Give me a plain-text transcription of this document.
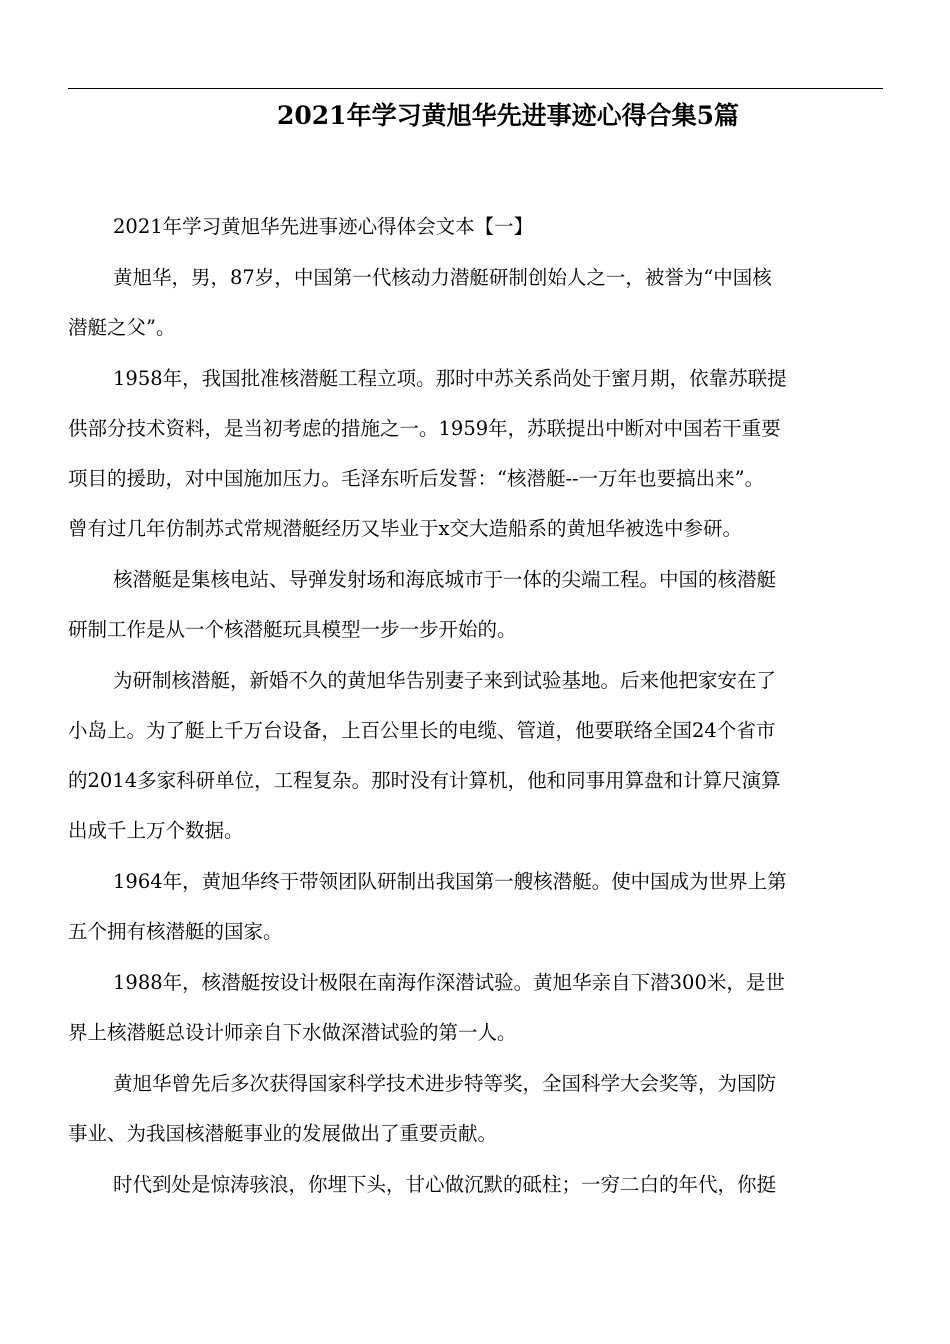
2021年学习黄旭华先进事迹心得合集5篇

2021年学习黄旭华先进事迹心得体会文本【一】

黄旭华，男，87岁，中国第一代核动力潜艇研制创始人之一，被誉为“中国核
潜艇之父”。

1958年，我国批准核潜艇工程立项。那时中苏关系尚处于蜜月期，依靠苏联提
供部分技术资料，是当初考虑的措施之一。1959年，苏联提出中断对中国若干重要
项目的援助，对中国施加压力。毛泽东听后发誓：“核潜艇--一万年也要搞出来”。
曾有过几年仿制苏式常规潜艇经历又毕业于x交大造船系的黄旭华被选中参研。

核潜艇是集核电站、导弹发射场和海底城市于一体的尖端工程。中国的核潜艇
研制工作是从一个核潜艇玩具模型一步一步开始的。

为研制核潜艇，新婚不久的黄旭华告别妻子来到试验基地。后来他把家安在了
小岛上。为了艇上千万台设备，上百公里长的电缆、管道，他要联络全国24个省市
的2014多家科研单位，工程复杂。那时没有计算机，他和同事用算盘和计算尺演算
出成千上万个数据。

1964年，黄旭华终于带领团队研制出我国第一艘核潜艇。使中国成为世界上第
五个拥有核潜艇的国家。

1988年，核潜艇按设计极限在南海作深潜试验。黄旭华亲自下潜300米，是世
界上核潜艇总设计师亲自下水做深潜试验的第一人。

黄旭华曾先后多次获得国家科学技术进步特等奖，全国科学大会奖等，为国防
事业、为我国核潜艇事业的发展做出了重要贡献。

时代到处是惊涛骇浪，你埋下头，甘心做沉默的砥柱；一穷二白的年代，你挺
